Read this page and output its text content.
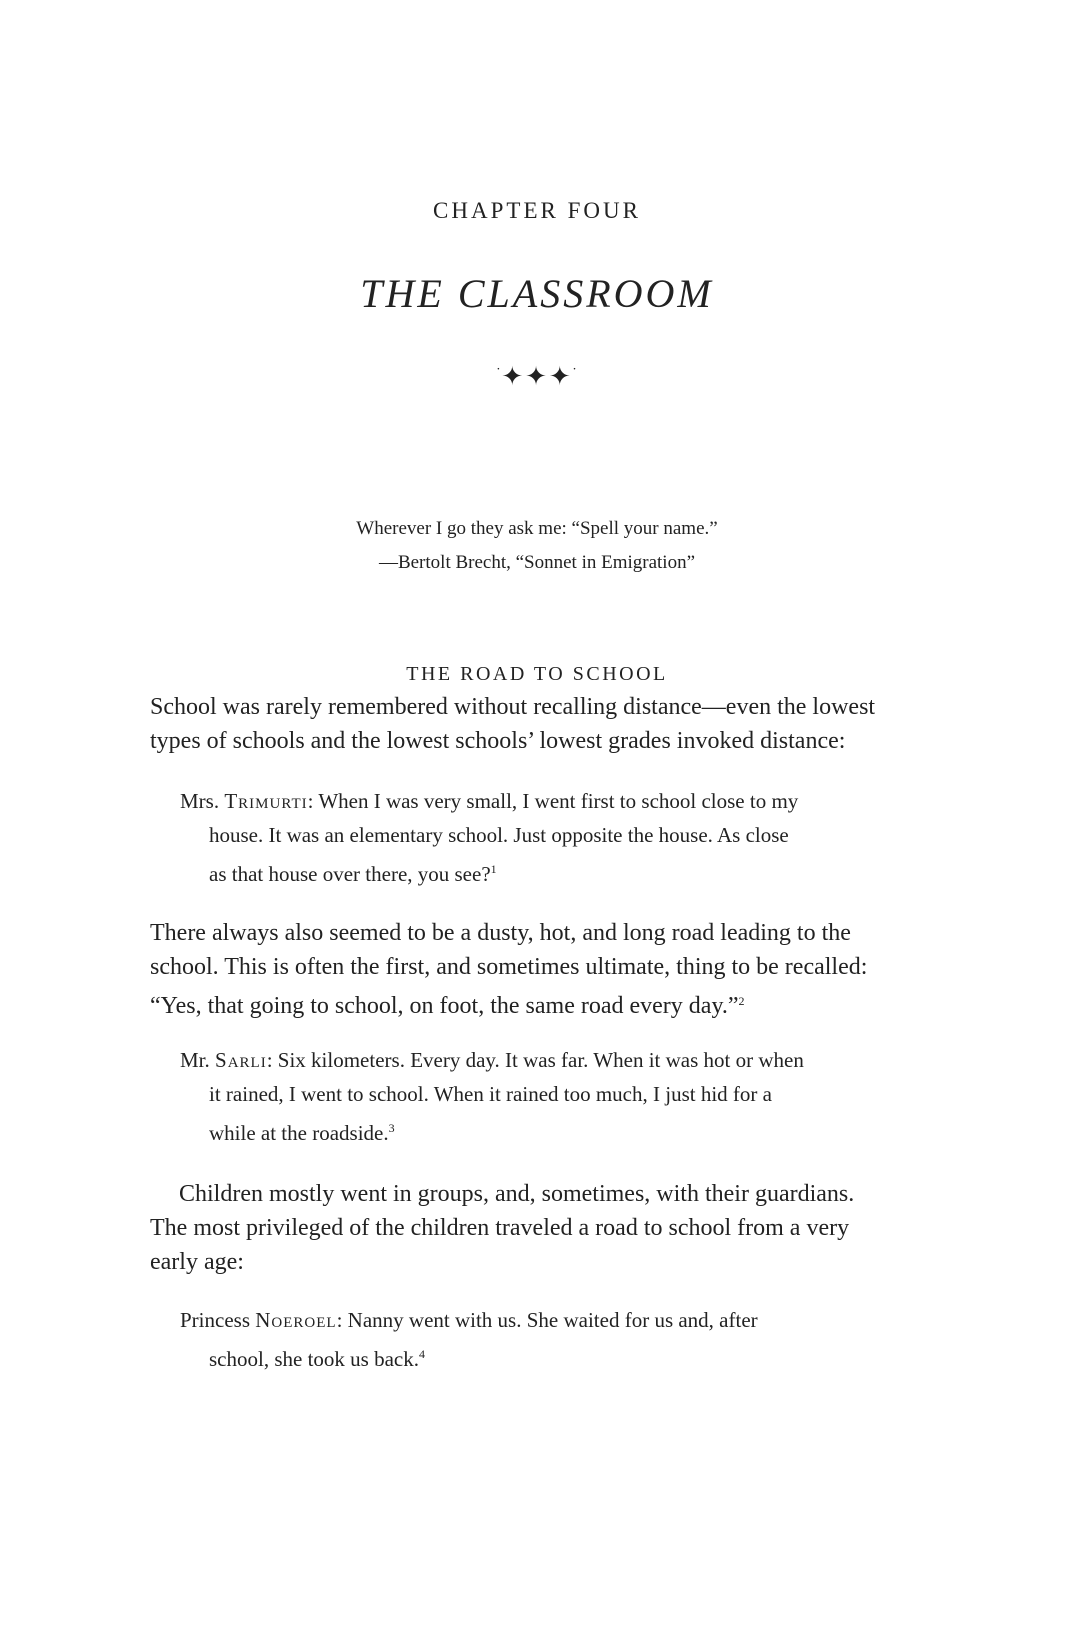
CHAPTER FOUR
THE CLASSROOM
·✦✦✦·
Wherever I go they ask me: “Spell your name.”
—Bertolt Brecht, “Sonnet in Emigration”
THE ROAD TO SCHOOL
School was rarely remembered without recalling distance—even the lowest
types of schools and the lowest schools’ lowest grades invoked distance:
Mrs. Trimurti: When I was very small, I went first to school close to my
house. It was an elementary school. Just opposite the house. As close
as that house over there, you see?$^1$
There always also seemed to be a dusty, hot, and long road leading to the
school. This is often the first, and sometimes ultimate, thing to be recalled:
“Yes, that going to school, on foot, the same road every day.”$^2$
Mr. Sarli: Six kilometers. Every day. It was far. When it was hot or when
it rained, I went to school. When it rained too much, I just hid for a
while at the roadside.$^3$
Children mostly went in groups, and, sometimes, with their guardians.
The most privileged of the children traveled a road to school from a very
early age:
Princess Noeroel: Nanny went with us. She waited for us and, after
school, she took us back.$^4$
